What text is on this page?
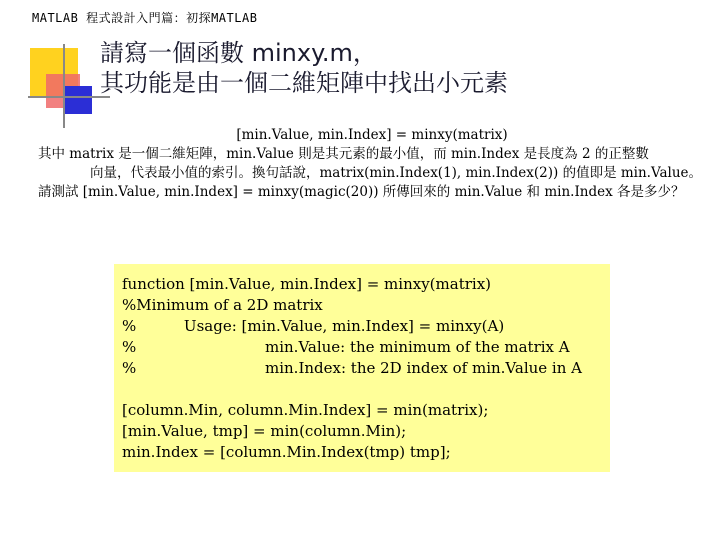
MATLAB 程式設計入門篇：初探MATLAB
請寫一個函數 minxy.m，
其功能是由一個二維矩陣中找出小元素
[min.Value, min.Index] = minxy(matrix)
其中 matrix 是一個二維矩陣，min.Value 則是其元素的最小值，而 min.Index 是長度為 2 的正整數
向量，代表最小值的索引。換句話說，matrix(min.Index(1), min.Index(2)) 的值即是 min.Value。
請測試 [min.Value, min.Index] = minxy(magic(20)) 所傳回來的 min.Value 和 min.Index 各是多少？
function [min.Value, min.Index] = minxy(matrix)
%Minimum of a 2D matrix
%          Usage: [min.Value, min.Index] = minxy(A)
%                           min.Value: the minimum of the matrix A
%                           min.Index: the 2D index of min.Value in A
[column.Min, column.Min.Index] = min(matrix);
[min.Value, tmp] = min(column.Min);
min.Index = [column.Min.Index(tmp) tmp];
